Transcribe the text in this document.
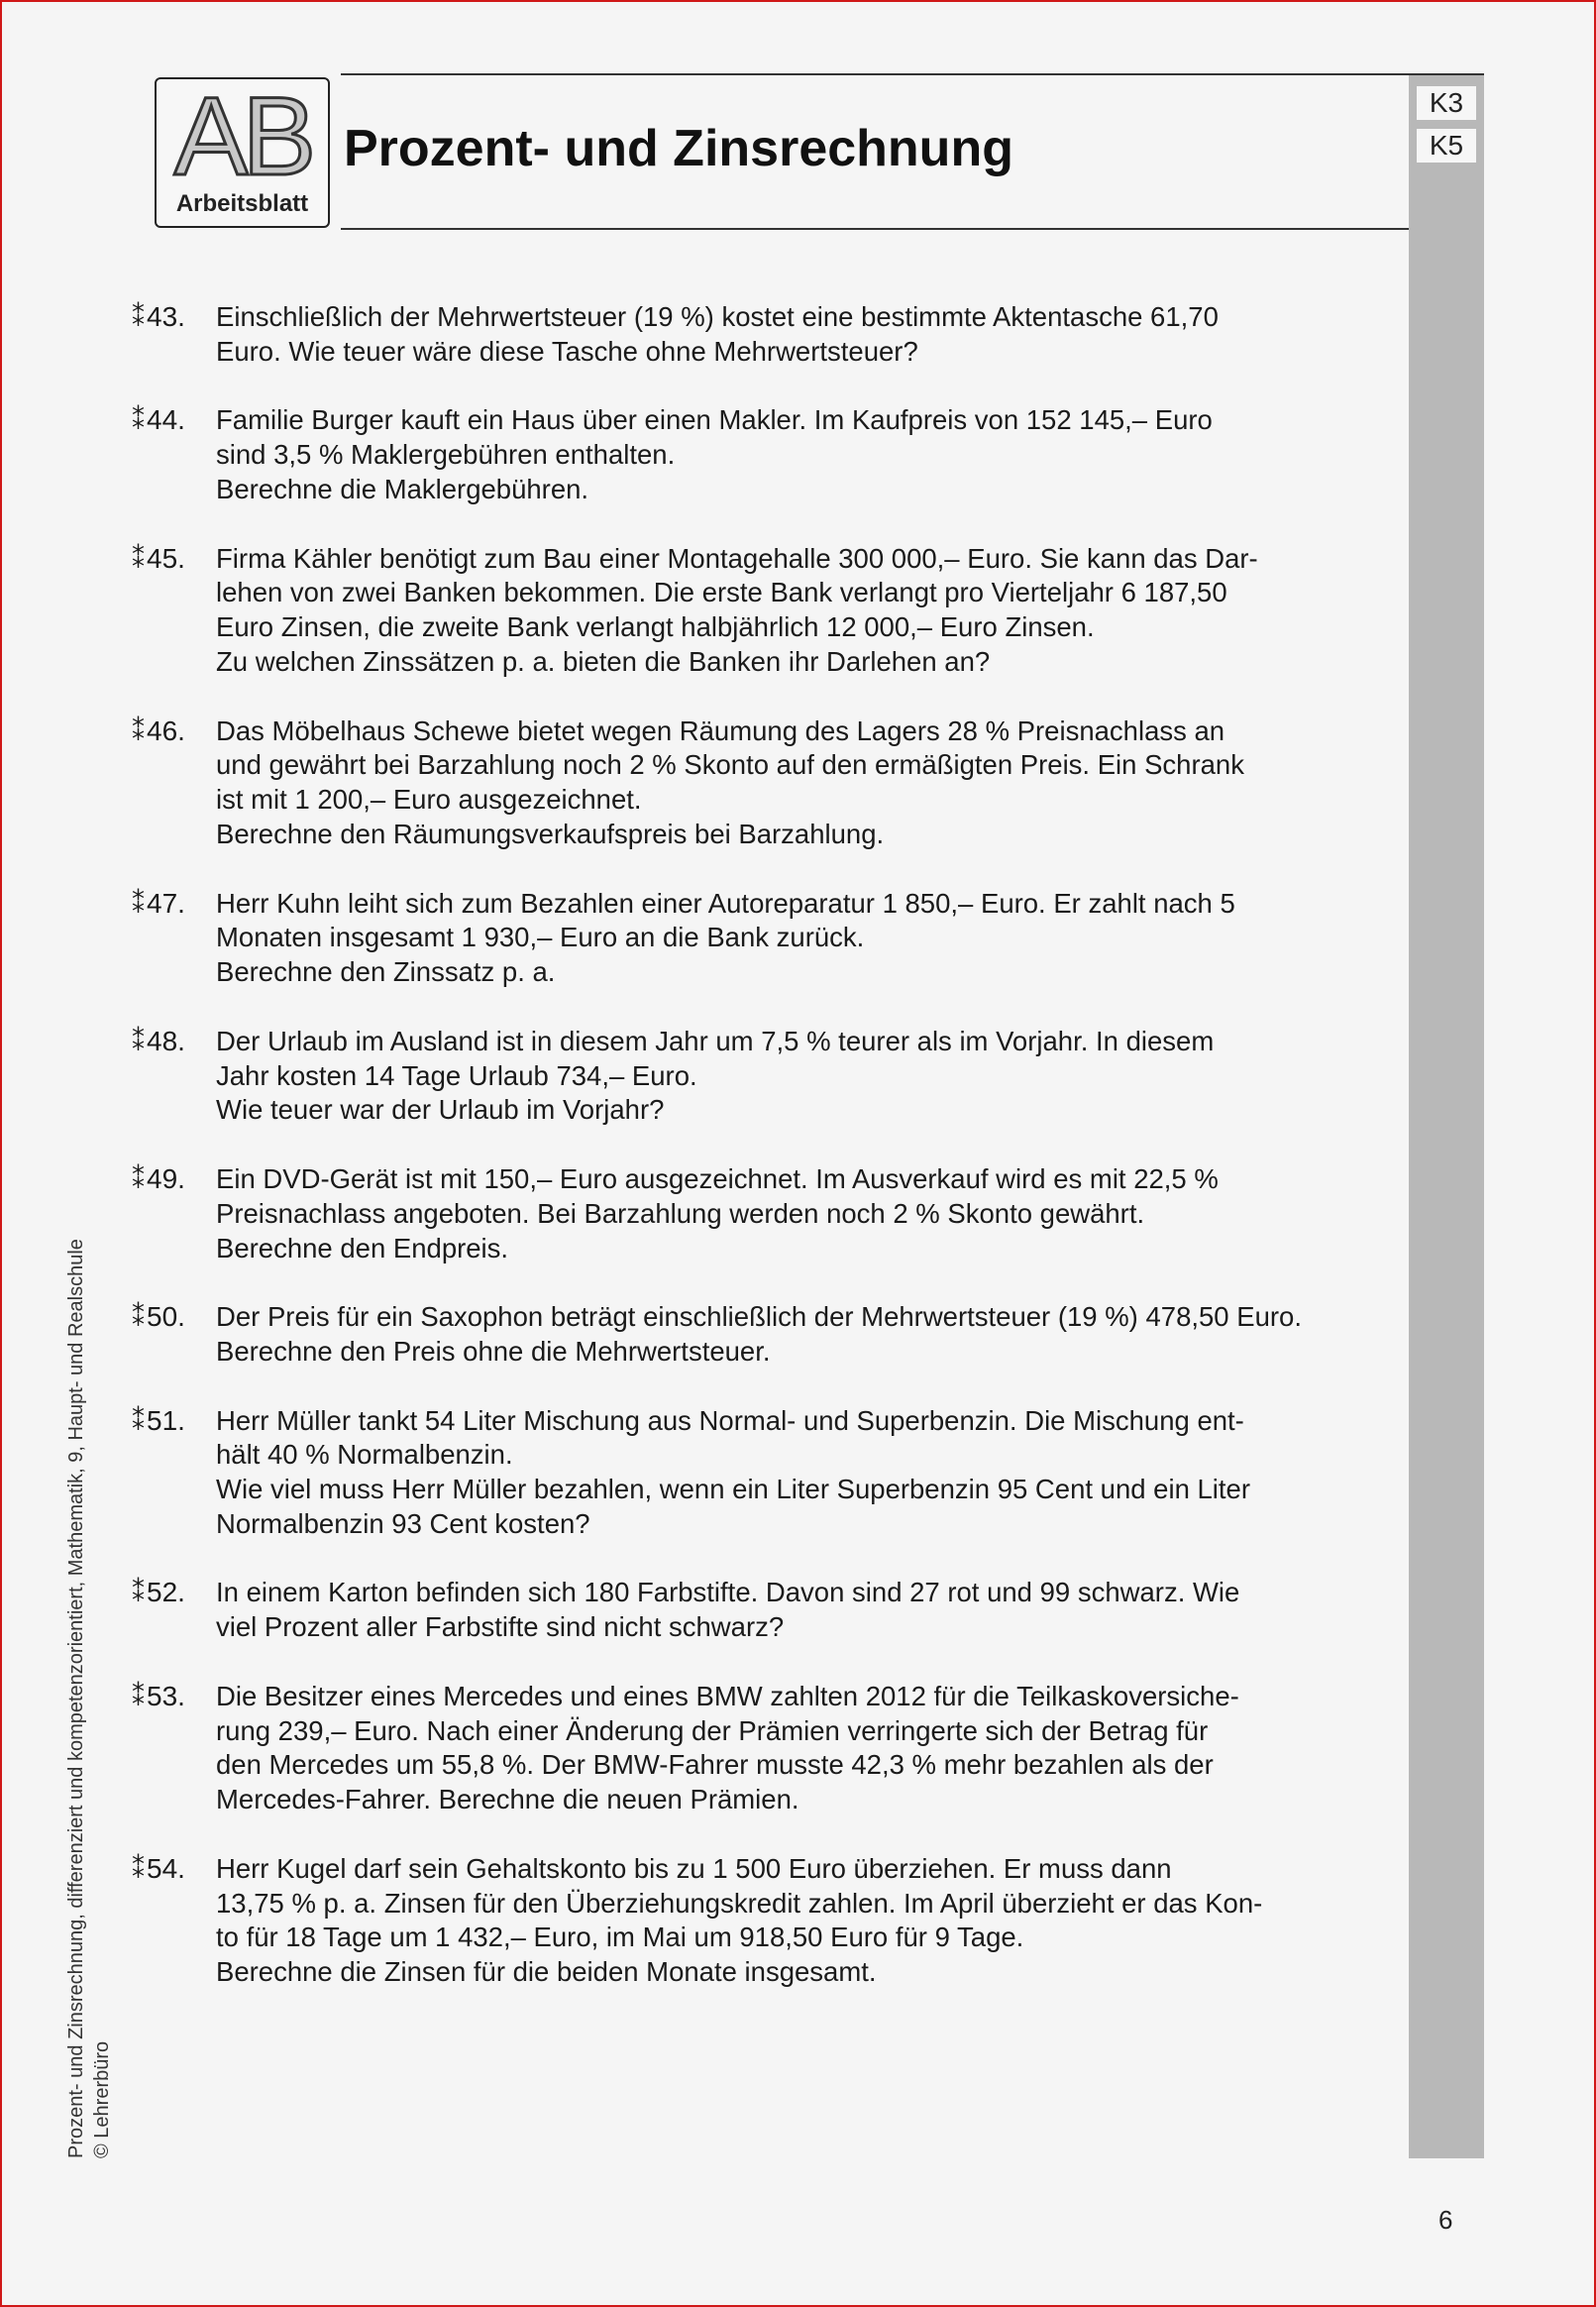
AB
Arbeitsblatt
Prozent- und Zinsrechnung
K3
K5
⁑43. Einschließlich der Mehrwertsteuer (19 %) kostet eine bestimmte Aktentasche 61,70
Euro. Wie teuer wäre diese Tasche ohne Mehrwertsteuer?
⁑44. Familie Burger kauft ein Haus über einen Makler. Im Kaufpreis von 152 145,– Euro
sind 3,5 % Maklergebühren enthalten.
Berechne die Maklergebühren.
⁑45. Firma Kähler benötigt zum Bau einer Montagehalle 300 000,– Euro. Sie kann das Dar-
lehen von zwei Banken bekommen. Die erste Bank verlangt pro Vierteljahr 6 187,50
Euro Zinsen, die zweite Bank verlangt halbjährlich 12 000,– Euro Zinsen.
Zu welchen Zinssätzen p. a. bieten die Banken ihr Darlehen an?
⁑46. Das Möbelhaus Schewe bietet wegen Räumung des Lagers 28 % Preisnachlass an
und gewährt bei Barzahlung noch 2 % Skonto auf den ermäßigten Preis. Ein Schrank
ist mit 1 200,– Euro ausgezeichnet.
Berechne den Räumungsverkaufspreis bei Barzahlung.
⁑47. Herr Kuhn leiht sich zum Bezahlen einer Autoreparatur 1 850,– Euro. Er zahlt nach 5
Monaten insgesamt 1 930,– Euro an die Bank zurück.
Berechne den Zinssatz p. a.
⁑48. Der Urlaub im Ausland ist in diesem Jahr um 7,5 % teurer als im Vorjahr. In diesem
Jahr kosten 14 Tage Urlaub 734,– Euro.
Wie teuer war der Urlaub im Vorjahr?
⁑49. Ein DVD-Gerät ist mit 150,– Euro ausgezeichnet. Im Ausverkauf wird es mit 22,5 %
Preisnachlass angeboten. Bei Barzahlung werden noch 2 % Skonto gewährt.
Berechne den Endpreis.
⁑50. Der Preis für ein Saxophon beträgt einschließlich der Mehrwertsteuer (19 %) 478,50 Euro.
Berechne den Preis ohne die Mehrwertsteuer.
⁑51. Herr Müller tankt 54 Liter Mischung aus Normal- und Superbenzin. Die Mischung ent-
hält 40 % Normalbenzin.
Wie viel muss Herr Müller bezahlen, wenn ein Liter Superbenzin 95 Cent und ein Liter
Normalbenzin 93 Cent kosten?
⁑52. In einem Karton befinden sich 180 Farbstifte. Davon sind 27 rot und 99 schwarz. Wie
viel Prozent aller Farbstifte sind nicht schwarz?
⁑53. Die Besitzer eines Mercedes und eines BMW zahlten 2012 für die Teilkaskoversiche-
rung 239,– Euro. Nach einer Änderung der Prämien verringerte sich der Betrag für
den Mercedes um 55,8 %. Der BMW-Fahrer musste 42,3 % mehr bezahlen als der
Mercedes-Fahrer. Berechne die neuen Prämien.
⁑54. Herr Kugel darf sein Gehaltskonto bis zu 1 500 Euro überziehen. Er muss dann
13,75 % p. a. Zinsen für den Überziehungskredit zahlen. Im April überzieht er das Kon-
to für 18 Tage um 1 432,– Euro, im Mai um 918,50 Euro für 9 Tage.
Berechne die Zinsen für die beiden Monate insgesamt.
Prozent- und Zinsrechnung, differenziert und kompetenzorientiert, Mathematik, 9, Haupt- und Realschule © Lehrerbüro
6
